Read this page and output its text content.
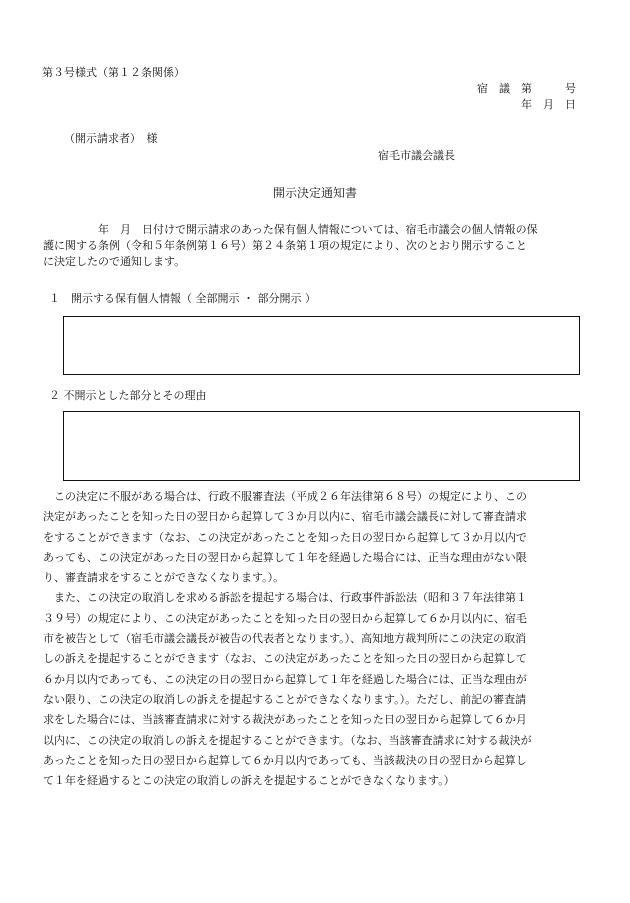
第３号様式（第１２条関係）
宿　議　第　　　号
年　月　日
（開示請求者）　様
宿毛市議会議長
開示決定通知書
年　月　日付けで開示請求のあった保有個人情報については、宿毛市議会の個人情報の保
護に関する条例（令和５年条例第１６号）第２４条第１項の規定により、次のとおり開示すること
に決定したので通知します。
１　開示する保有個人情報（ 全部開示 ・ 部分開示 ）
２ 不開示とした部分とその理由
　この決定に不服がある場合は、行政不服審査法（平成２６年法律第６８号）の規定により、この
決定があったことを知った日の翌日から起算して３か月以内に、宿毛市議会議長に対して審査請求
をすることができます（なお、この決定があったことを知った日の翌日から起算して３か月以内で
あっても、この決定があった日の翌日から起算して１年を経過した場合には、正当な理由がない限
り、審査請求をすることができなくなります。）。
　また、この決定の取消しを求める訴訟を提起する場合は、行政事件訴訟法（昭和３７年法律第１
３９号）の規定により、この決定があったことを知った日の翌日から起算して６か月以内に、宿毛
市を被告として（宿毛市議会議長が被告の代表者となります。）、高知地方裁判所にこの決定の取消
しの訴えを提起することができます（なお、この決定があったことを知った日の翌日から起算して
６か月以内であっても、この決定の日の翌日から起算して１年を経過した場合には、正当な理由が
ない限り、この決定の取消しの訴えを提起することができなくなります。）。ただし、前記の審査請
求をした場合には、当該審査請求に対する裁決があったことを知った日の翌日から起算して６か月
以内に、この決定の取消しの訴えを提起することができます。（なお、当該審査請求に対する裁決が
あったことを知った日の翌日から起算して６か月以内であっても、当該裁決の日の翌日から起算し
て１年を経過するとこの決定の取消しの訴えを提起することができなくなります。）
